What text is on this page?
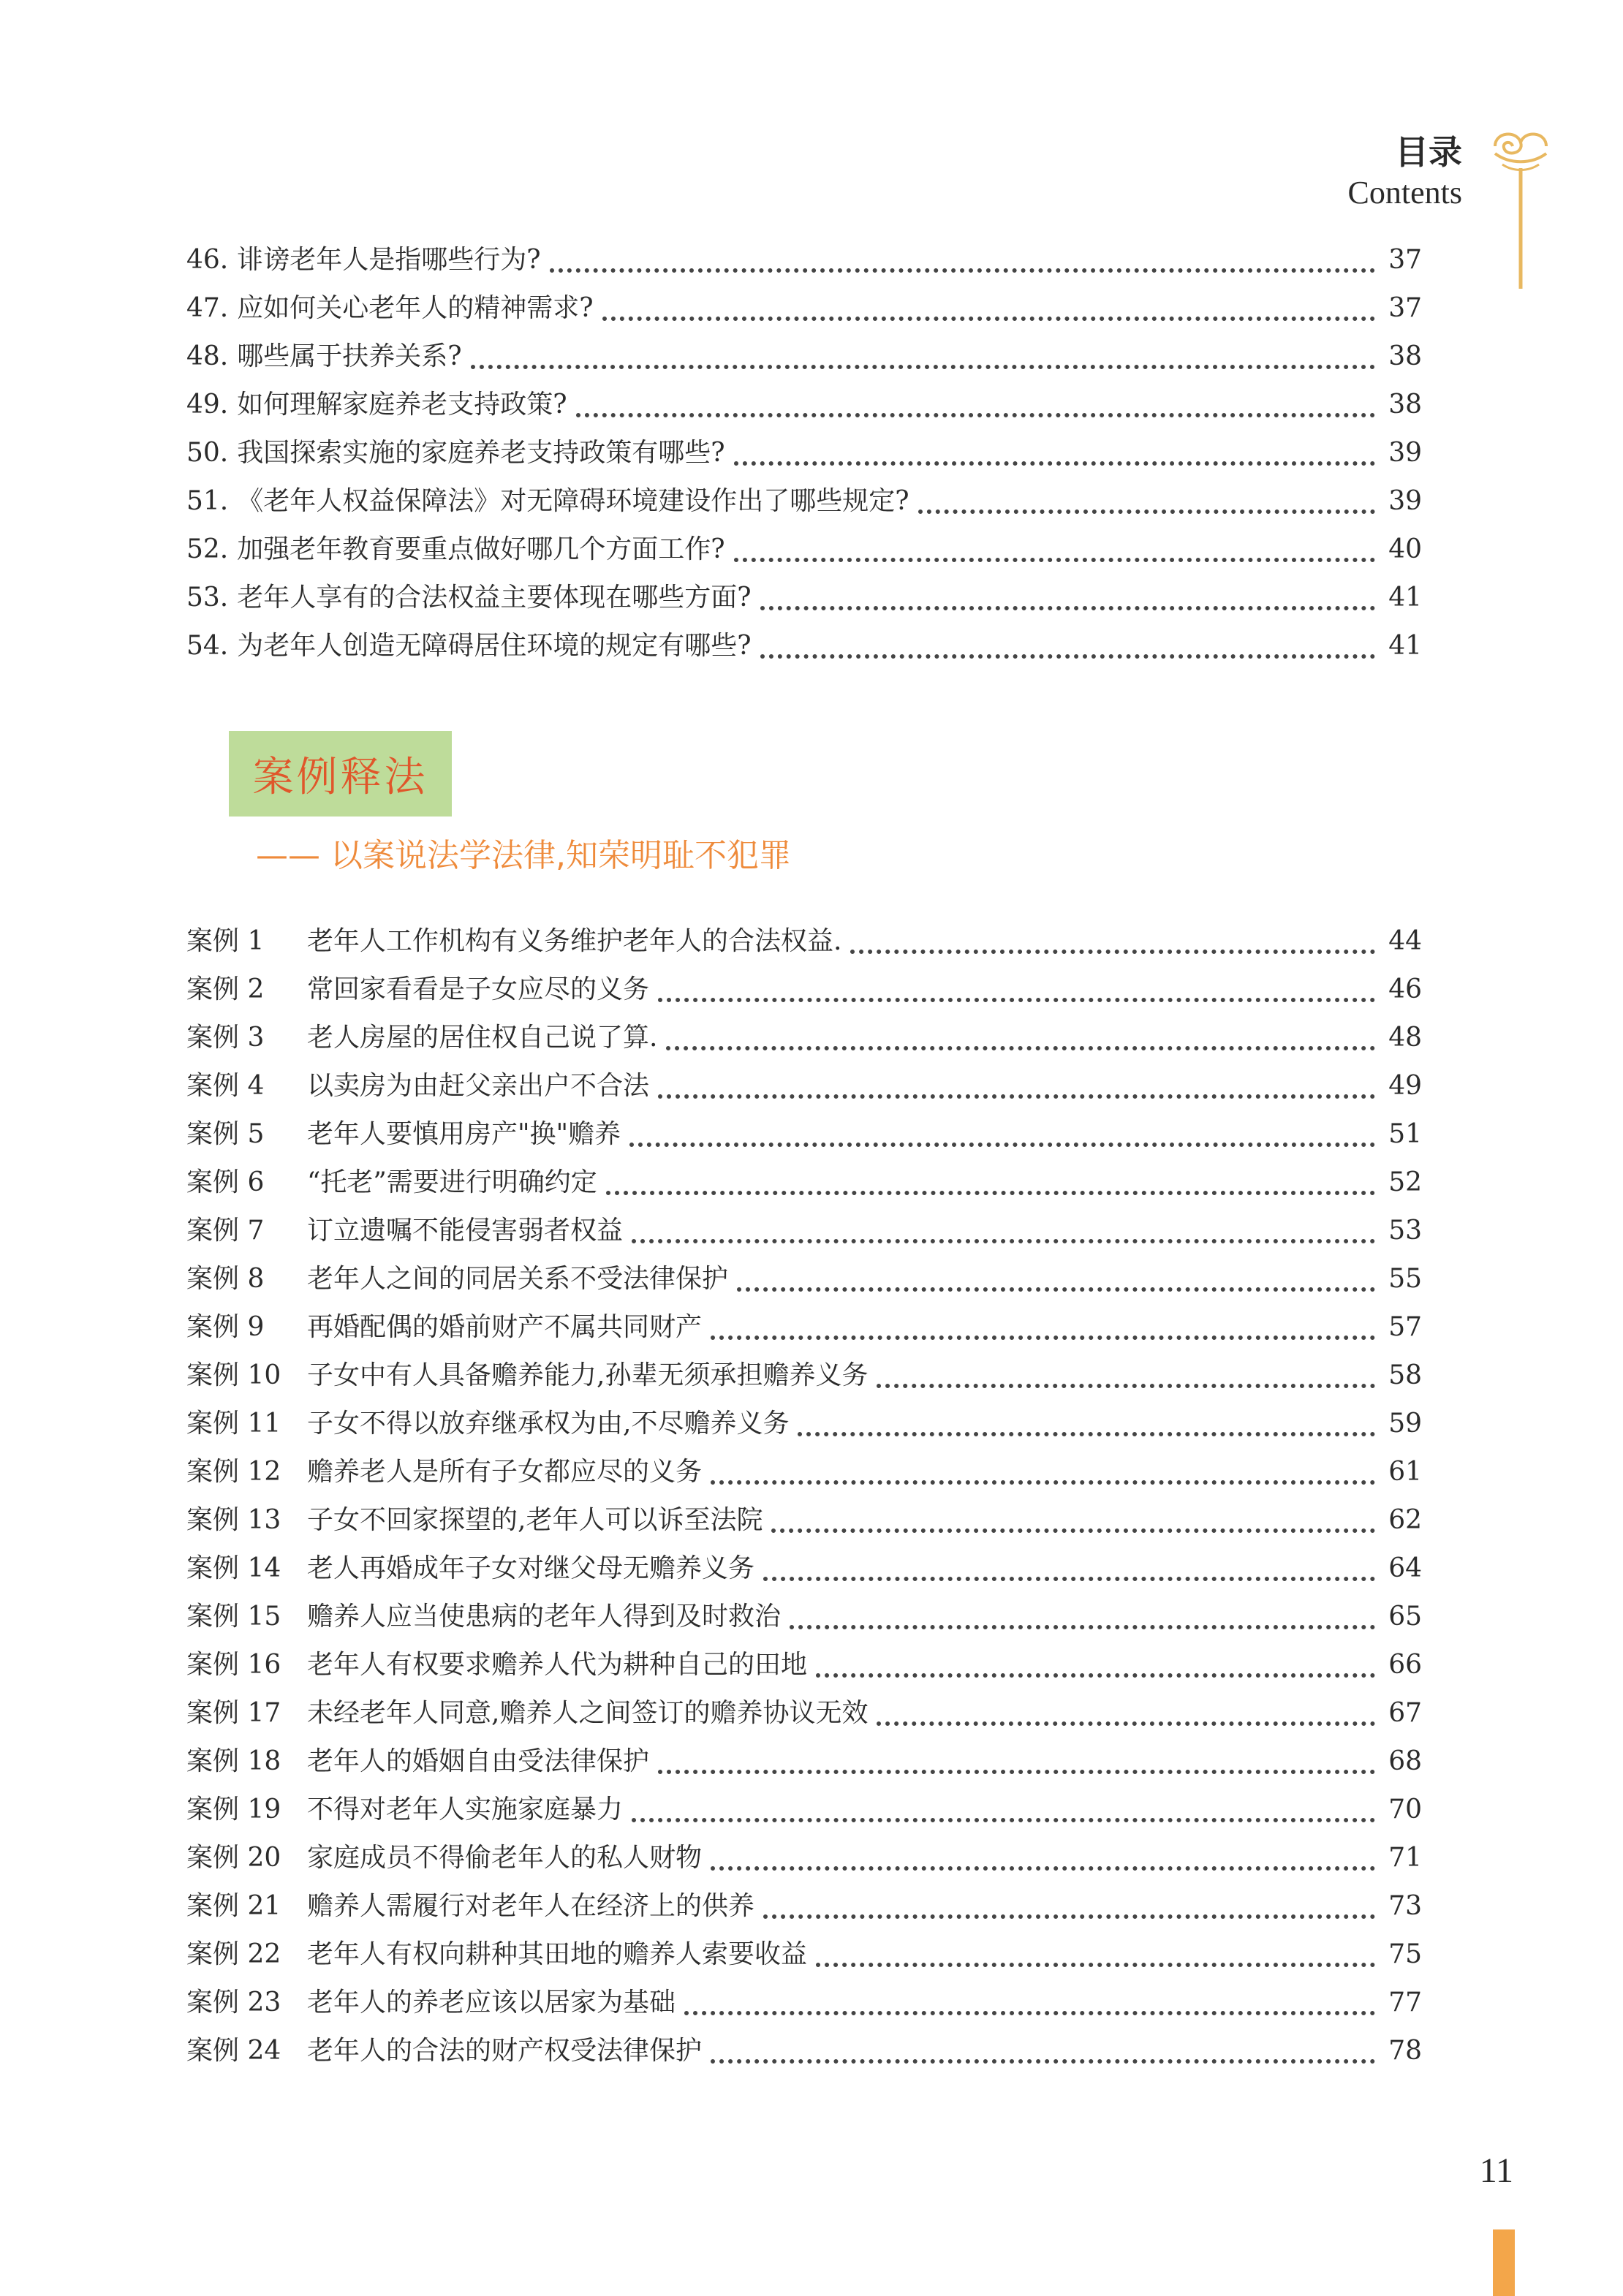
目录
Contents
46. 诽谤老年人是指哪些行为?	37
47. 应如何关心老年人的精神需求?	37
48. 哪些属于扶养关系?	38
49. 如何理解家庭养老支持政策?	38
50. 我国探索实施的家庭养老支持政策有哪些?	39
51. 《老年人权益保障法》对无障碍环境建设作出了哪些规定?	39
52. 加强老年教育要重点做好哪几个方面工作?	40
53. 老年人享有的合法权益主要体现在哪些方面?	41
54. 为老年人创造无障碍居住环境的规定有哪些?	41
案例释法
—— 以案说法学法律,知荣明耻不犯罪
案例 1	老年人工作机构有义务维护老年人的合法权益.	44
案例 2	常回家看看是子女应尽的义务	46
案例 3	老人房屋的居住权自己说了算.	48
案例 4	以卖房为由赶父亲出户不合法	49
案例 5	老年人要慎用房产"换"赡养	51
案例 6	“托老”需要进行明确约定	52
案例 7	订立遗嘱不能侵害弱者权益	53
案例 8	老年人之间的同居关系不受法律保护	55
案例 9	再婚配偶的婚前财产不属共同财产	57
案例 10 子女中有人具备赡养能力,孙辈无须承担赡养义务	58
案例 11 子女不得以放弃继承权为由,不尽赡养义务	59
案例 12 赡养老人是所有子女都应尽的义务	61
案例 13 子女不回家探望的,老年人可以诉至法院	62
案例 14 老人再婚成年子女对继父母无赡养义务	64
案例 15 赡养人应当使患病的老年人得到及时救治	65
案例 16 老年人有权要求赡养人代为耕种自己的田地	66
案例 17 未经老年人同意,赡养人之间签订的赡养协议无效	67
案例 18 老年人的婚姻自由受法律保护	68
案例 19 不得对老年人实施家庭暴力	70
案例 20 家庭成员不得偷老年人的私人财物	71
案例 21 赡养人需履行对老年人在经济上的供养	73
案例 22 老年人有权向耕种其田地的赡养人索要收益	75
案例 23 老年人的养老应该以居家为基础	77
案例 24 老年人的合法的财产权受法律保护	78
11
